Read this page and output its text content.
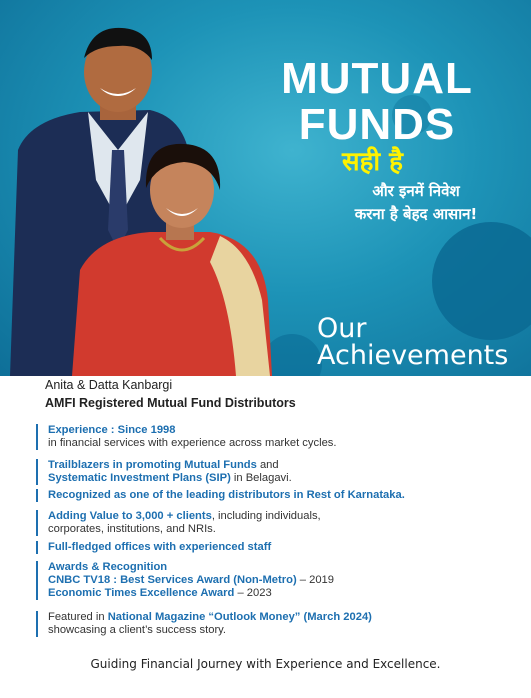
MUTUAL
FUNDS
सही है
और इनमें निवेश
करना है बेहद आसान!
Our
Achievements
Anita & Datta Kanbargi
AMFI Registered Mutual Fund Distributors
Experience : Since 1998
in financial services with experience across market cycles.
Trailblazers in promoting Mutual Funds and
Systematic Investment Plans (SIP) in Belagavi.
Recognized as one of the leading distributors in Rest of Karnataka.
Adding Value to 3,000 + clients, including individuals,
corporates, institutions, and NRIs.
Full-fledged offices with experienced staff
Awards & Recognition
CNBC TV18 : Best Services Award (Non-Metro) – 2019
Economic Times Excellence Award – 2023
Featured in National Magazine “Outlook Money” (March 2024)
showcasing a client’s success story.
Guiding Financial Journey with Experience and Excellence.
